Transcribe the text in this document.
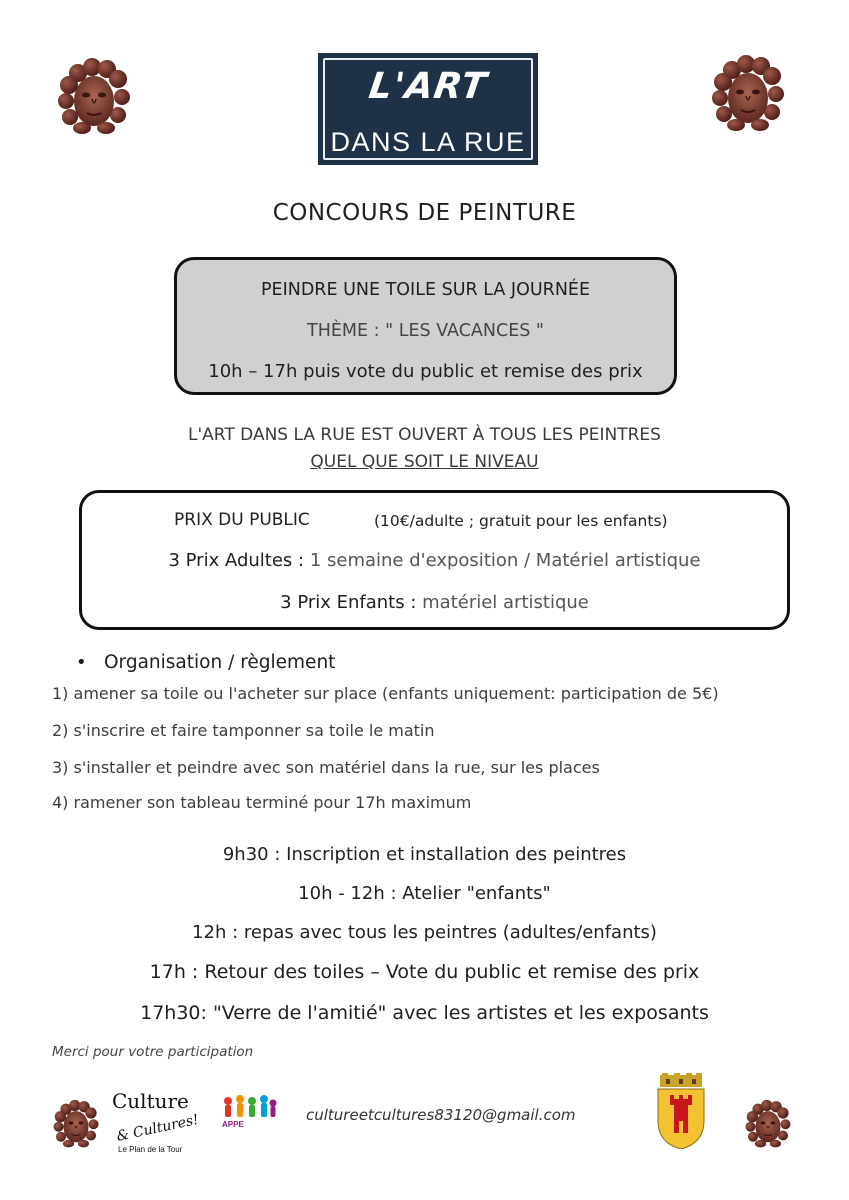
L'ART
DANS LA RUE
CONCOURS DE PEINTURE
PEINDRE UNE TOILE SUR LA JOURNÉE
THÈME : " LES VACANCES "
10h – 17h puis vote du public et remise des prix
L'ART DANS LA RUE EST OUVERT À TOUS LES PEINTRES
QUEL QUE SOIT LE NIVEAU
PRIX DU PUBLIC	(10€/adulte ; gratuit pour les enfants)
3 Prix Adultes : 1 semaine d'exposition / Matériel artistique
3 Prix Enfants : matériel artistique
• Organisation / règlement
1) amener sa toile ou l'acheter sur place (enfants uniquement: participation de 5€)
2) s'inscrire et faire tamponner sa toile le matin
3) s'installer et peindre avec son matériel dans la rue, sur les places
4) ramener son tableau terminé pour 17h maximum
9h30 : Inscription et installation des peintres
10h - 12h : Atelier "enfants"
12h : repas avec tous les peintres (adultes/enfants)
17h : Retour des toiles – Vote du public et remise des prix
17h30: "Verre de l'amitié" avec les artistes et les exposants
Merci pour votre participation
Culture
& Cultures!
Le Plan de la Tour
APPE
cultureetcultures83120@gmail.com
